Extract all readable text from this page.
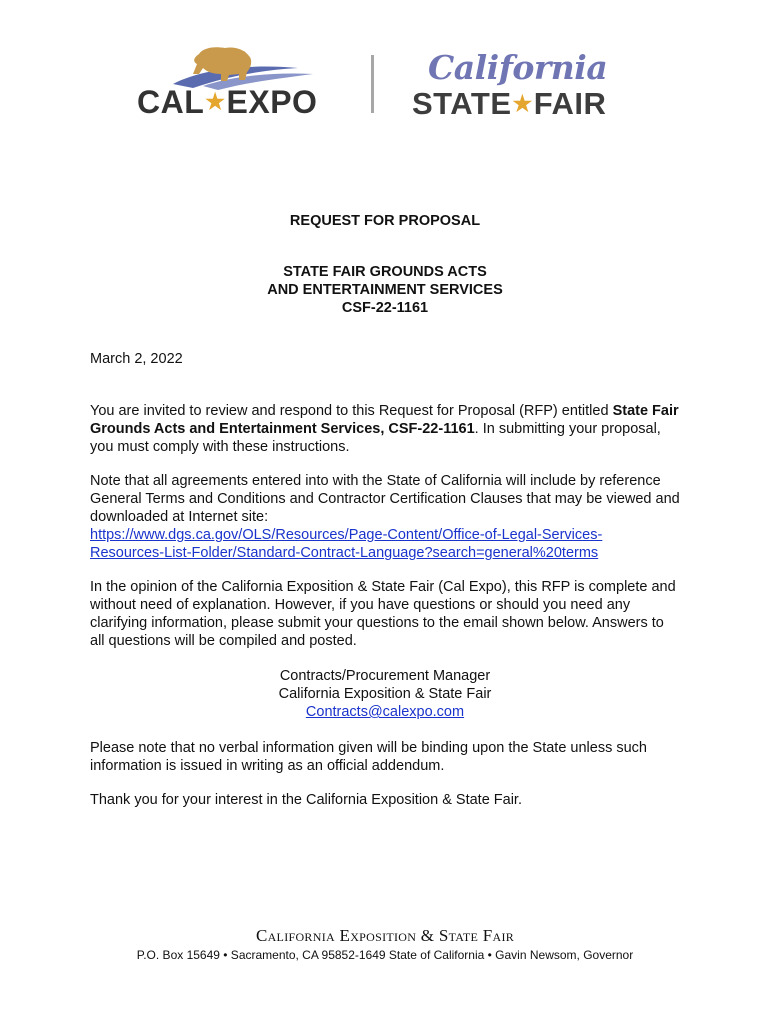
CAL★EXPO
California
STATE★FAIR
REQUEST FOR PROPOSAL
STATE FAIR GROUNDS ACTS
AND ENTERTAINMENT SERVICES
CSF-22-1161
March 2, 2022
You are invited to review and respond to this Request for Proposal (RFP) entitled State Fair Grounds Acts and Entertainment Services, CSF-22-1161. In submitting your proposal, you must comply with these instructions.
Note that all agreements entered into with the State of California will include by reference General Terms and Conditions and Contractor Certification Clauses that may be viewed and downloaded at Internet site:
https://www.dgs.ca.gov/OLS/Resources/Page-Content/Office-of-Legal-Services-
Resources-List-Folder/Standard-Contract-Language?search=general%20terms
In the opinion of the California Exposition & State Fair (Cal Expo), this RFP is complete and without need of explanation. However, if you have questions or should you need any clarifying information, please submit your questions to the email shown below. Answers to all questions will be compiled and posted.
Contracts/Procurement Manager
California Exposition & State Fair
Contracts@calexpo.com
Please note that no verbal information given will be binding upon the State unless such information is issued in writing as an official addendum.
Thank you for your interest in the California Exposition & State Fair.
California Exposition & State Fair
P.O. Box 15649 • Sacramento, CA 95852-1649 State of California • Gavin Newsom, Governor
